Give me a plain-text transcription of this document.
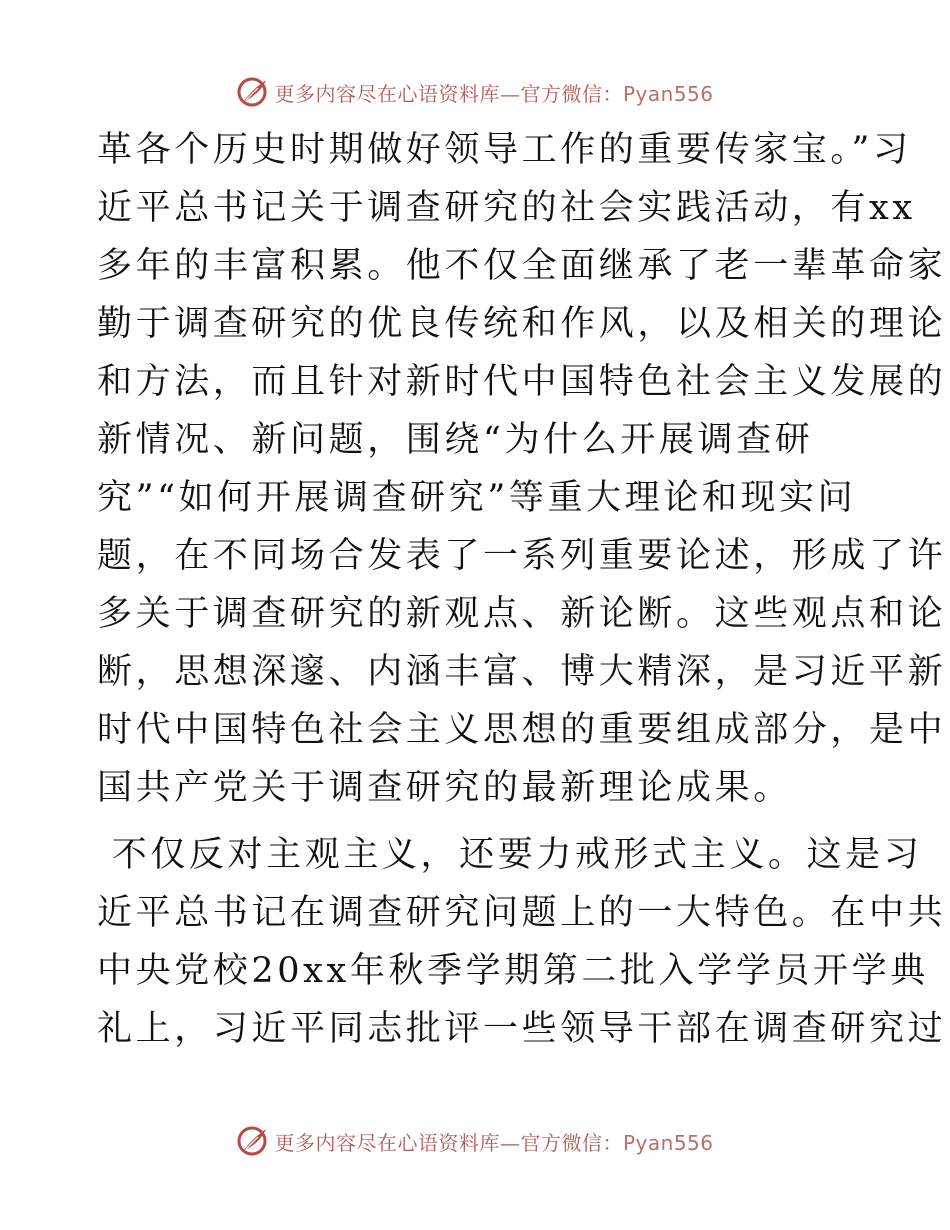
更多内容尽在心语资料库—官方微信：Pyan556
革各个历史时期做好领导工作的重要传家宝。”习
近平总书记关于调查研究的社会实践活动，有xx
多年的丰富积累。他不仅全面继承了老一辈革命家
勤于调查研究的优良传统和作风，以及相关的理论
和方法，而且针对新时代中国特色社会主义发展的
新情况、新问题，围绕“为什么开展调查研
究”“如何开展调查研究”等重大理论和现实问
题，在不同场合发表了一系列重要论述，形成了许
多关于调查研究的新观点、新论断。这些观点和论
断，思想深邃、内涵丰富、博大精深，是习近平新
时代中国特色社会主义思想的重要组成部分，是中
国共产党关于调查研究的最新理论成果。
不仅反对主观主义，还要力戒形式主义。这是习
近平总书记在调查研究问题上的一大特色。在中共
中央党校20xx年秋季学期第二批入学学员开学典
礼上，习近平同志批评一些领导干部在调查研究过
更多内容尽在心语资料库—官方微信：Pyan556
